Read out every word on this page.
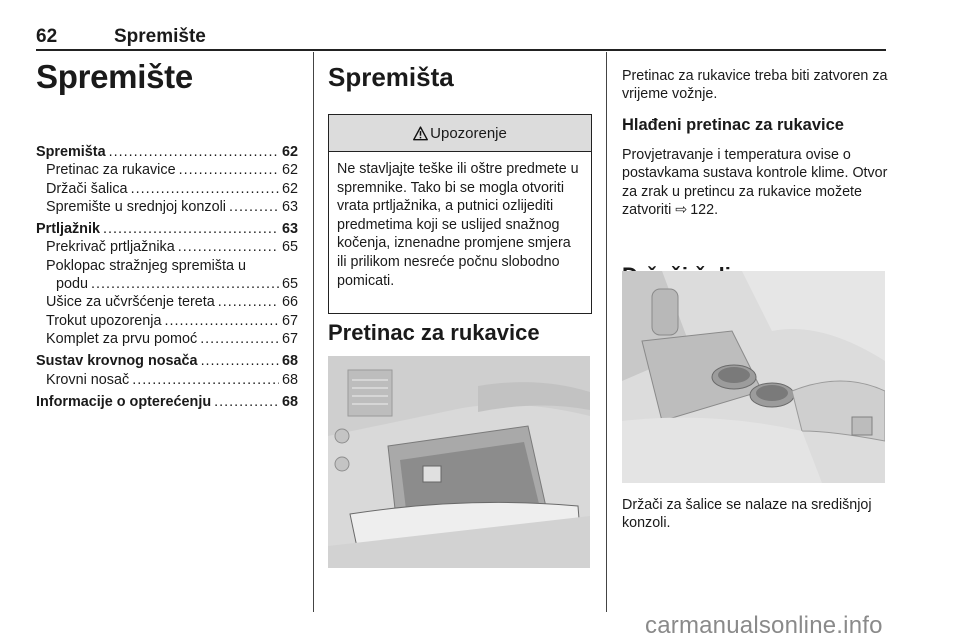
62	Spremište
Spremište
Spremišta .....	62
Pretinac za rukavice .....	62
Držači šalica .....	62
Spremište u srednjoj konzoli .....	63
Prtljažnik .....	63
Prekrivač prtljažnika .....	65
Poklopac stražnjeg spremišta u
podu .....	65
Ušice za učvršćenje tereta .....	66
Trokut upozorenja .....	67
Komplet za prvu pomoć .....	67
Sustav krovnog nosača .....	68
Krovni nosač .....	68
Informacije o opterećenju .....	68
Spremišta
Upozorenje
Ne stavljajte teške ili oštre predmete u spremnike. Tako bi se mogla otvoriti vrata prtljažnika, a putnici ozlijediti predmetima koji se uslijed snažnog kočenja, iznenadne promjene smjera ili prilikom nesreće počnu slobodno pomicati.
Pretinac za rukavice
Pretinac za rukavice treba biti zatvoren za vrijeme vožnje.
Hlađeni pretinac za rukavice
Provjetravanje i temperatura ovise o postavkama sustava kontrole klime. Otvor za zrak u pretincu za rukavice možete zatvoriti ⇨ 122.
Držači za šalice se nalaze na središnjoj konzoli.
carmanualsonline.info
